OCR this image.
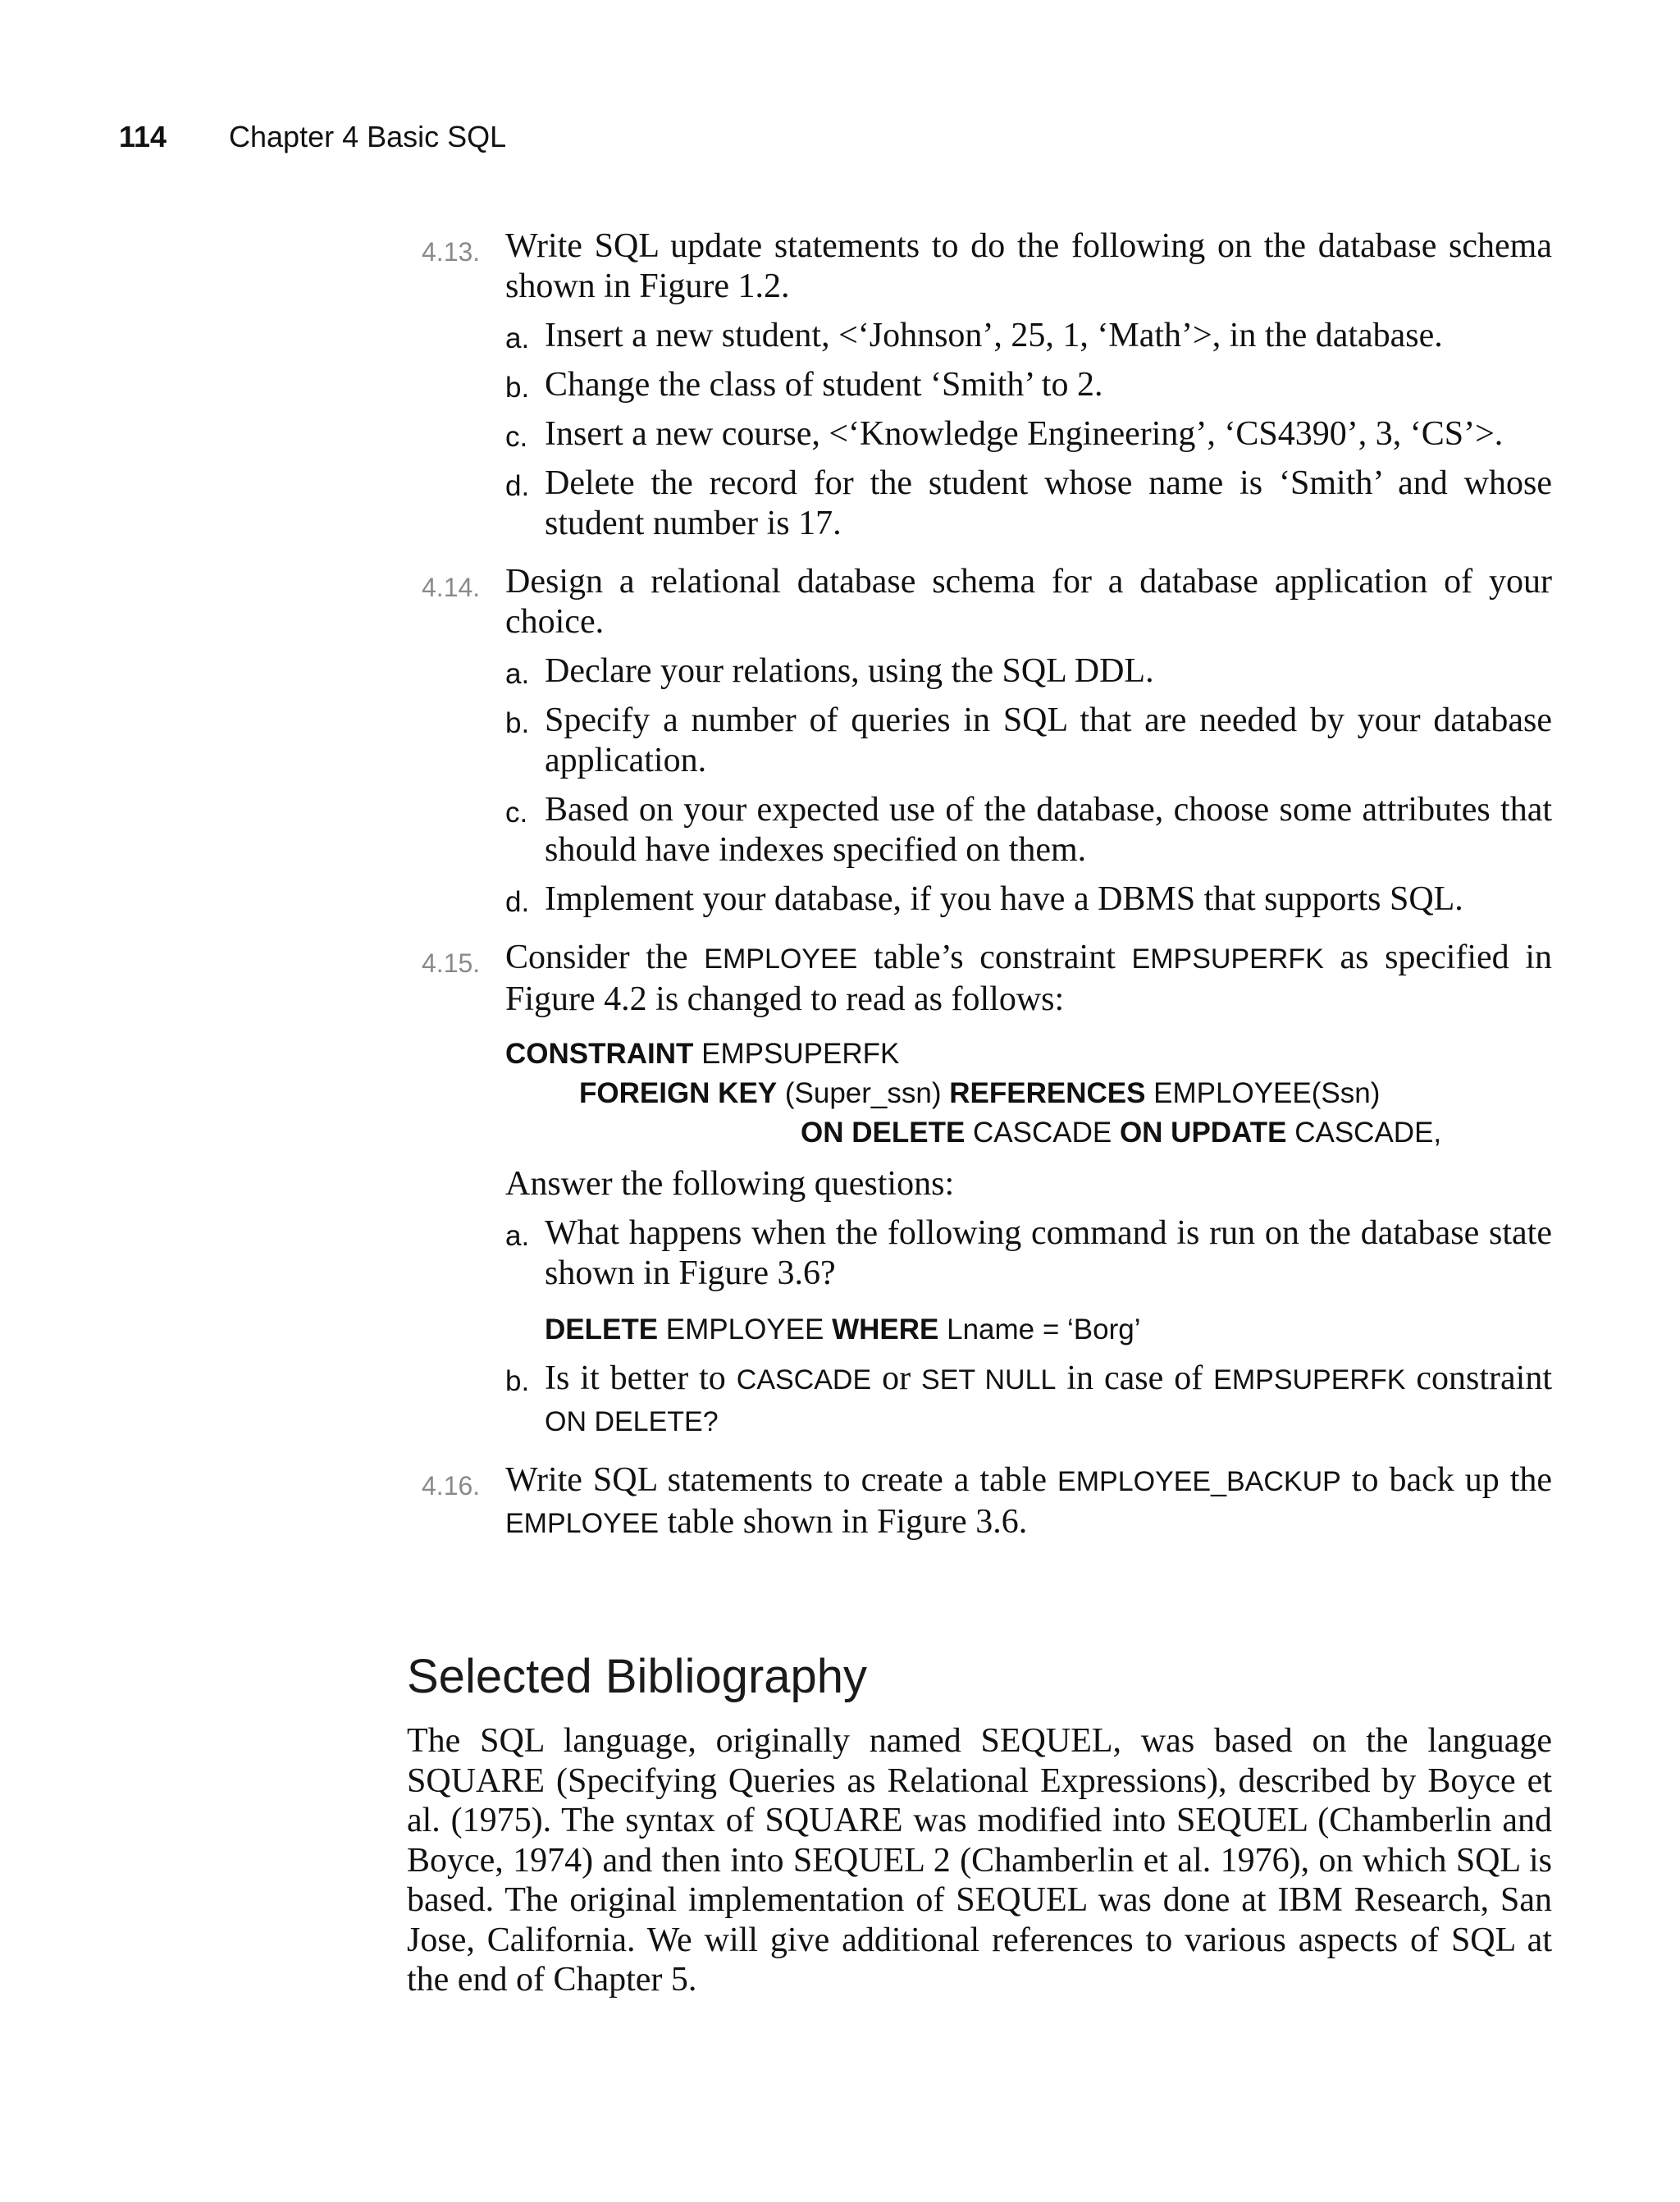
114 Chapter 4 Basic SQL
4.13. Write SQL update statements to do the following on the database schema shown in Figure 1.2.
a. Insert a new student, <‘Johnson’, 25, 1, ‘Math’>, in the database.
b. Change the class of student ‘Smith’ to 2.
c. Insert a new course, <‘Knowledge Engineering’, ‘CS4390’, 3, ‘CS’>.
d. Delete the record for the student whose name is ‘Smith’ and whose student number is 17.
4.14. Design a relational database schema for a database application of your choice.
a. Declare your relations, using the SQL DDL.
b. Specify a number of queries in SQL that are needed by your database application.
c. Based on your expected use of the database, choose some attributes that should have indexes specified on them.
d. Implement your database, if you have a DBMS that supports SQL.
4.15. Consider the EMPLOYEE table’s constraint EMPSUPERFK as specified in Figure 4.2 is changed to read as follows:
CONSTRAINT EMPSUPERFK
FOREIGN KEY (Super_ssn) REFERENCES EMPLOYEE(Ssn)
ON DELETE CASCADE ON UPDATE CASCADE,
Answer the following questions:
a. What happens when the following command is run on the database state shown in Figure 3.6?
DELETE EMPLOYEE WHERE Lname = ‘Borg’
b. Is it better to CASCADE or SET NULL in case of EMPSUPERFK constraint ON DELETE?
4.16. Write SQL statements to create a table EMPLOYEE_BACKUP to back up the EMPLOYEE table shown in Figure 3.6.
Selected Bibliography
The SQL language, originally named SEQUEL, was based on the language SQUARE (Specifying Queries as Relational Expressions), described by Boyce et al. (1975). The syntax of SQUARE was modified into SEQUEL (Chamberlin and Boyce, 1974) and then into SEQUEL 2 (Chamberlin et al. 1976), on which SQL is based. The original implementation of SEQUEL was done at IBM Research, San Jose, California. We will give additional references to various aspects of SQL at the end of Chapter 5.
